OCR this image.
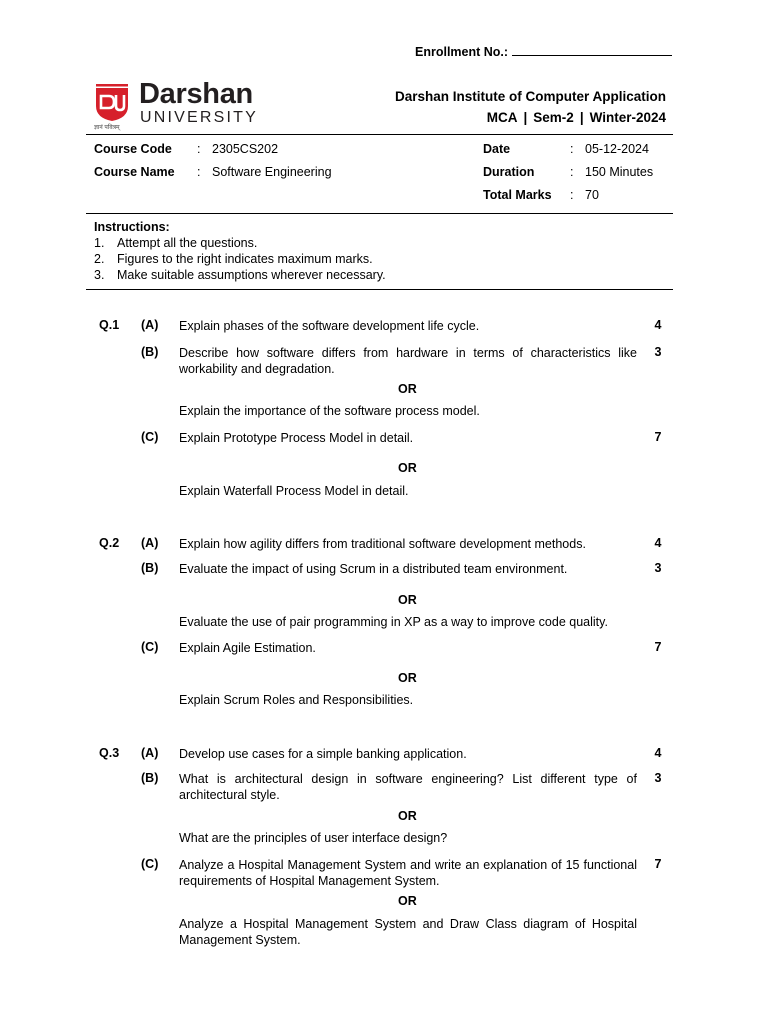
Enrollment No.:
Darshan
UNIVERSITY
ज्ञानं पवित्रम्
Darshan Institute of Computer Application
MCA | Sem-2 | Winter-2024
Course Code : 2305CS202
Course Name : Software Engineering
Date	: 05-12-2024
Duration	: 150 Minutes
Total Marks : 70
Instructions:
1. Attempt all the questions.
2. Figures to the right indicates maximum marks.
3. Make suitable assumptions wherever necessary.
Q.1 (A) Explain phases of the software development life cycle.	4
(B) Describe how software differs from hardware in terms of characteristics like workability and degradation.
3
OR
Explain the importance of the software process model.
(C) Explain Prototype Process Model in detail.	7
OR
Explain Waterfall Process Model in detail.
Q.2 (A) Explain how agility differs from traditional software development methods.	4
(B) Evaluate the impact of using Scrum in a distributed team environment.	3
OR
Evaluate the use of pair programming in XP as a way to improve code quality.
(C) Explain Agile Estimation.	7
OR
Explain Scrum Roles and Responsibilities.
Q.3 (A) Develop use cases for a simple banking application.	4
(B) What is architectural design in software engineering? List different type of architectural style.
3
OR
What are the principles of user interface design?
(C) Analyze a Hospital Management System and write an explanation of 15 functional requirements of Hospital Management System.
7
OR
Analyze a Hospital Management System and Draw Class diagram of Hospital Management System.
